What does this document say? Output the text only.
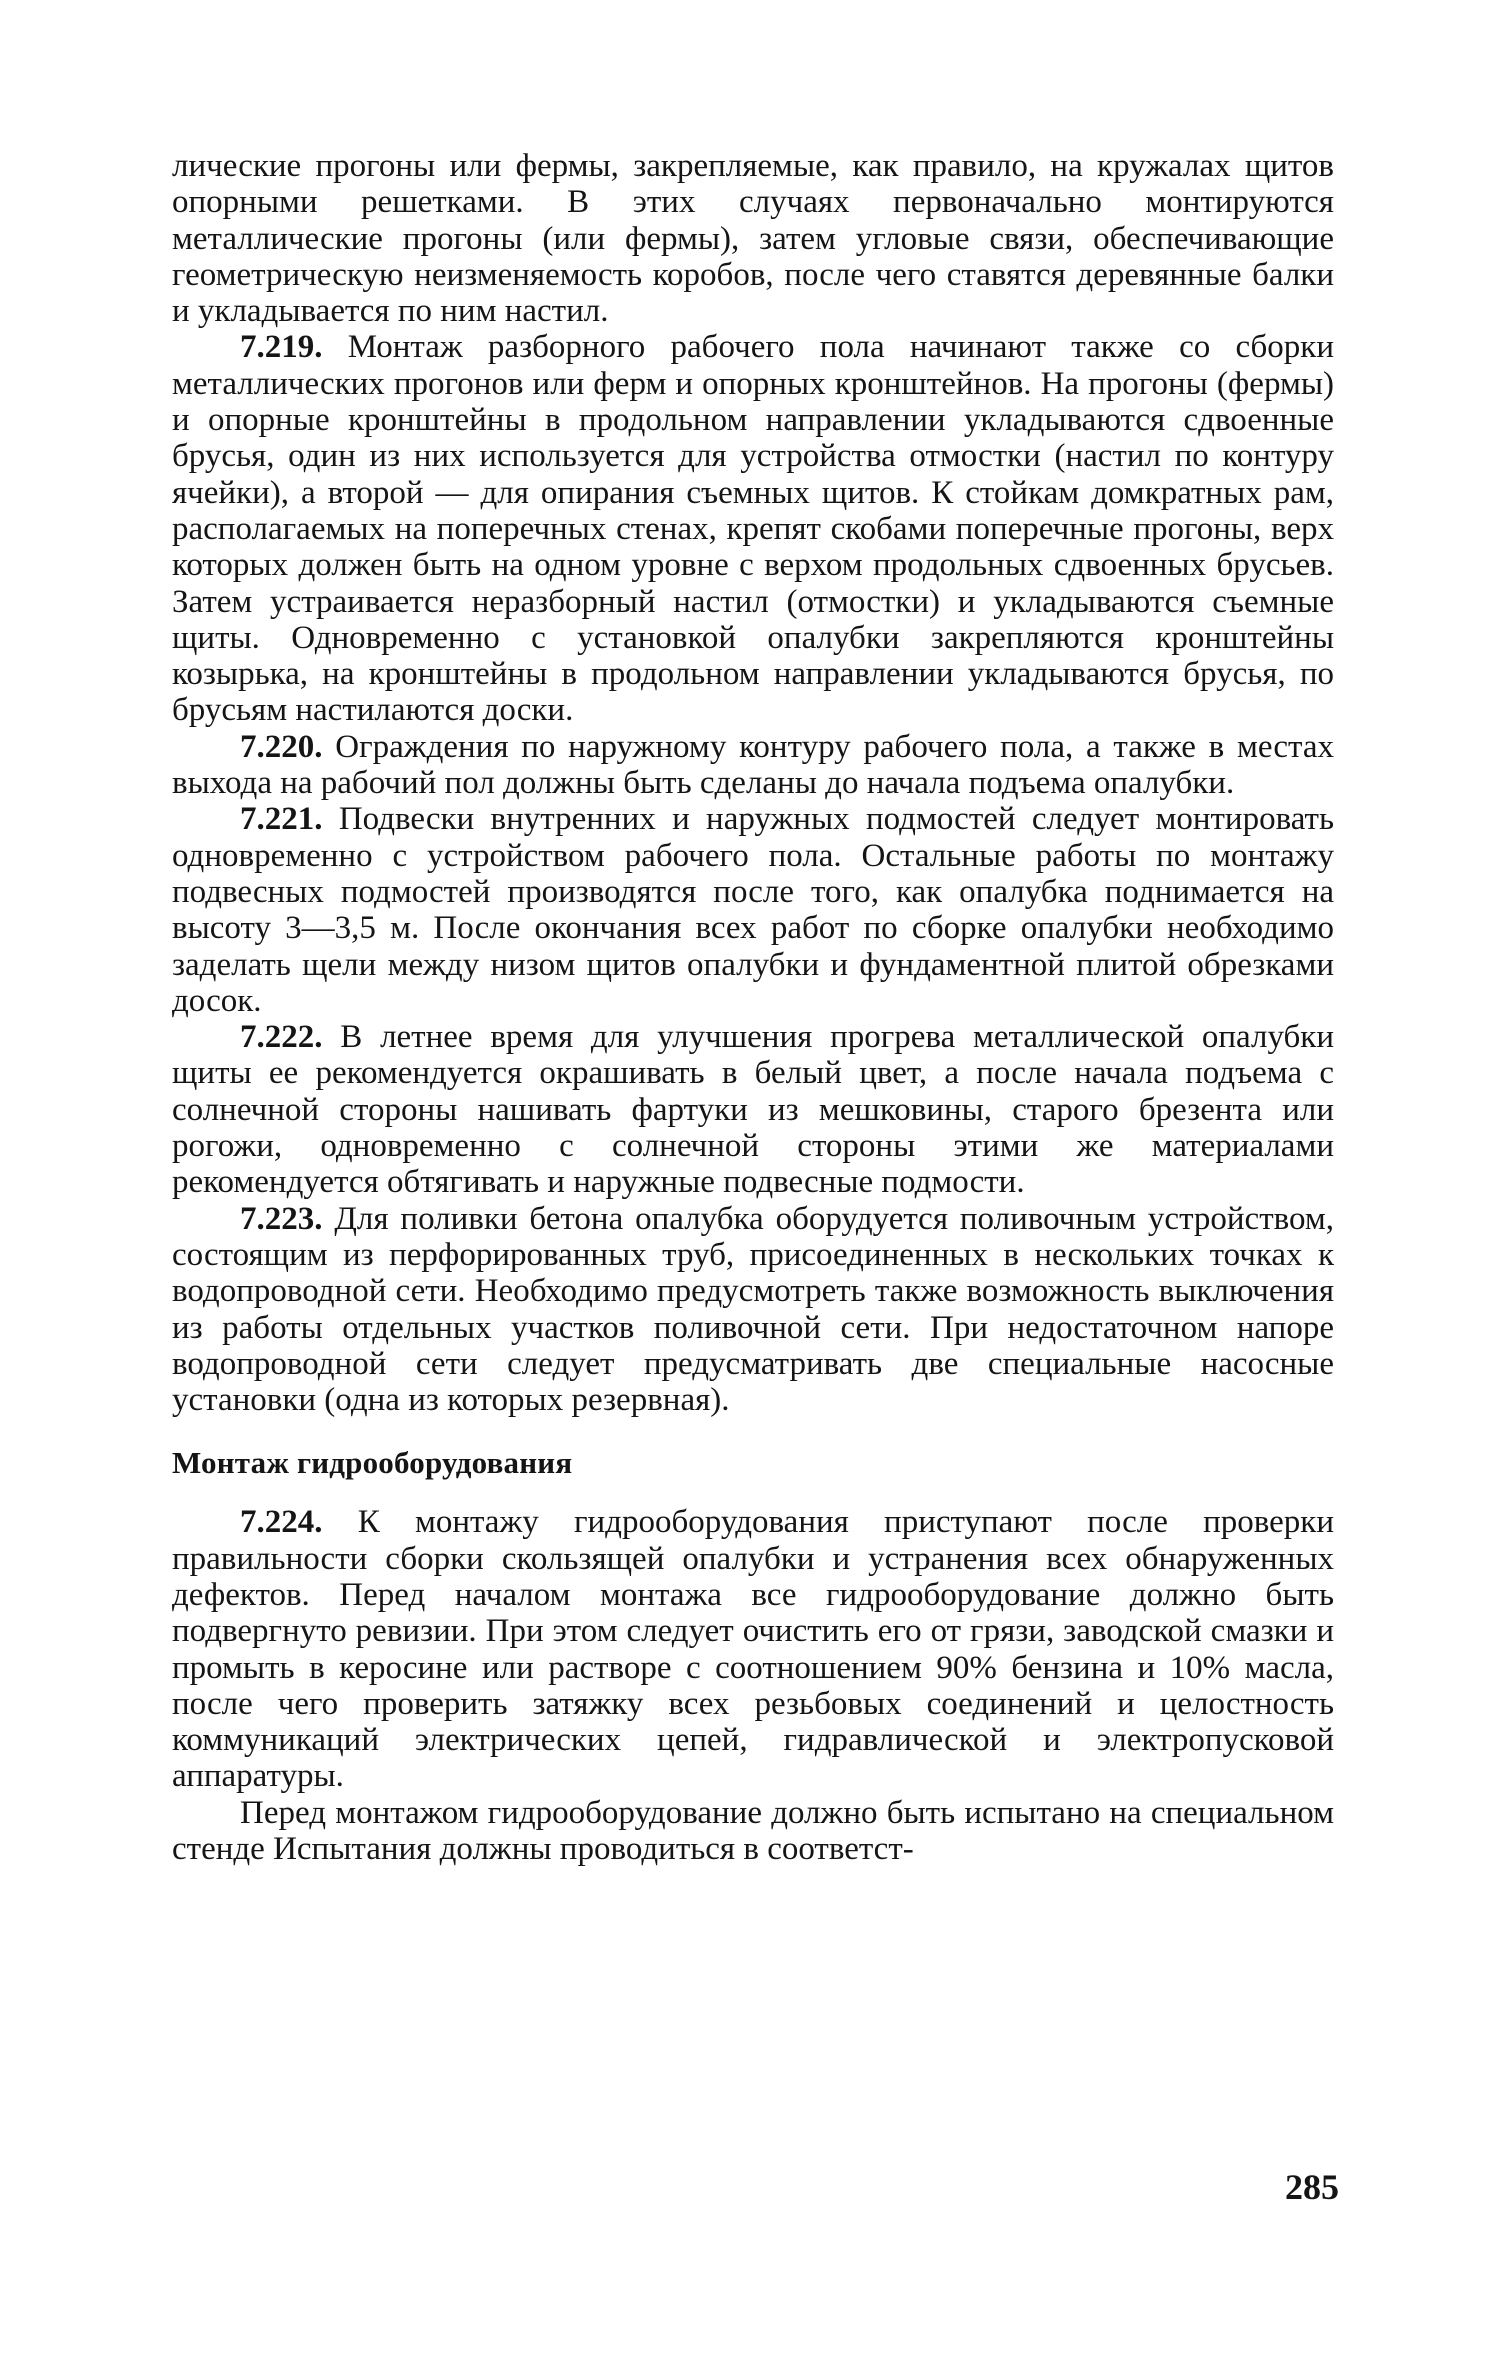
лические прогоны или фермы, закрепляемые, как правило, на кружалах щитов опорными решетками. В этих случаях первоначально монтируются металлические прогоны (или фермы), затем угловые связи, обеспечивающие геометрическую неизменяемость коробов, после чего ставятся деревянные балки и укладывается по ним настил.

7.219. Монтаж разборного рабочего пола начинают также со сборки металлических прогонов или ферм и опорных кронштейнов. На прогоны (фермы) и опорные кронштейны в продольном направлении укладываются сдвоенные брусья, один из них используется для устройства отмостки (настил по контуру ячейки), а второй — для опирания съемных щитов. К стойкам домкратных рам, располагаемых на поперечных стенах, крепят скобами поперечные прогоны, верх которых должен быть на одном уровне с верхом продольных сдвоенных брусьев. Затем устраивается неразборный настил (отмостки) и укладываются съемные щиты. Одновременно с установкой опалубки закрепляются кронштейны козырька, на кронштейны в продольном направлении укладываются брусья, по брусьям настилаются доски.

7.220. Ограждения по наружному контуру рабочего пола, а также в местах выхода на рабочий пол должны быть сделаны до начала подъема опалубки.

7.221. Подвески внутренних и наружных подмостей следует монтировать одновременно с устройством рабочего пола. Остальные работы по монтажу подвесных подмостей производятся после того, как опалубка поднимается на высоту 3—3,5 м. После окончания всех работ по сборке опалубки необходимо заделать щели между низом щитов опалубки и фундаментной плитой обрезками досок.

7.222. В летнее время для улучшения прогрева металлической опалубки щиты ее рекомендуется окрашивать в белый цвет, а после начала подъема с солнечной стороны нашивать фартуки из мешковины, старого брезента или рогожи, одновременно с солнечной стороны этими же материалами рекомендуется обтягивать и наружные подвесные подмости.

7.223. Для поливки бетона опалубка оборудуется поливочным устройством, состоящим из перфорированных труб, присоединенных в нескольких точках к водопроводной сети. Необходимо предусмотреть также возможность выключения из работы отдельных участков поливочной сети. При недостаточном напоре водопроводной сети следует предусматривать две специальные насосные установки (одна из которых резервная).

Монтаж гидрооборудования

7.224. К монтажу гидрооборудования приступают после проверки правильности сборки скользящей опалубки и устранения всех обнаруженных дефектов. Перед началом монтажа все гидрооборудование должно быть подвергнуто ревизии. При этом следует очистить его от грязи, заводской смазки и промыть в керосине или растворе с соотношением 90% бензина и 10% масла, после чего проверить затяжку всех резьбовых соединений и целостность коммуникаций электрических цепей, гидравлической и электропусковой аппаратуры.

Перед монтажом гидрооборудование должно быть испытано на специальном стенде Испытания должны проводиться в соответст-

285
